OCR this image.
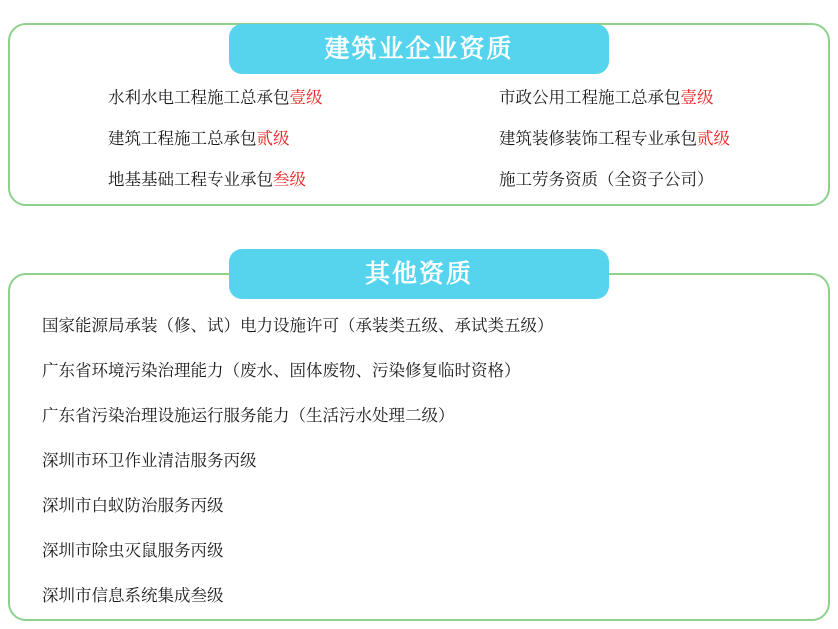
建筑业企业资质
水利水电工程施工总承包壹级	市政公用工程施工总承包壹级
建筑工程施工总承包贰级	建筑装修装饰工程专业承包贰级
地基基础工程专业承包叁级	施工劳务资质（全资子公司）
其他资质
国家能源局承装（修、试）电力设施许可（承装类五级、承试类五级）
广东省环境污染治理能力（废水、固体废物、污染修复临时资格）
广东省污染治理设施运行服务能力（生活污水处理二级）
深圳市环卫作业清洁服务丙级
深圳市白蚁防治服务丙级
深圳市除虫灭鼠服务丙级
深圳市信息系统集成叁级
